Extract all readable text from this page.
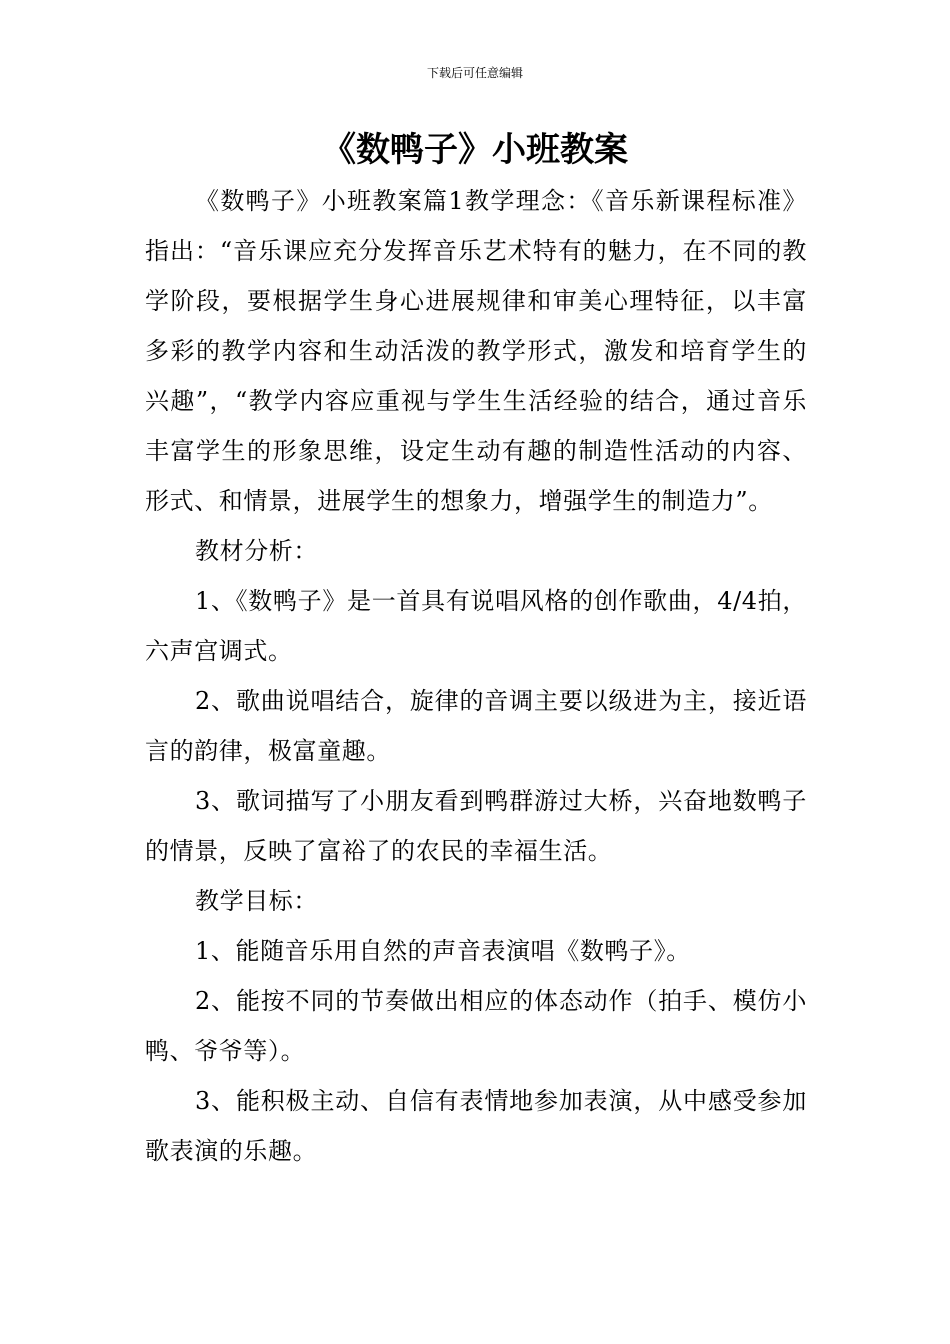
下载后可任意编辑
《数鸭子》小班教案

《数鸭子》小班教案篇1教学理念：《音乐新课程标准》指出：“音乐课应充分发挥音乐艺术特有的魅力，在不同的教学阶段，要根据学生身心进展规律和审美心理特征，以丰富多彩的教学内容和生动活泼的教学形式，激发和培育学生的兴趣”，“教学内容应重视与学生生活经验的结合，通过音乐丰富学生的形象思维，设定生动有趣的制造性活动的内容、形式、和情景，进展学生的想象力，增强学生的制造力”。

教材分析：

1、《数鸭子》是一首具有说唱风格的创作歌曲，4/4拍，六声宫调式。

2、歌曲说唱结合，旋律的音调主要以级进为主，接近语言的韵律，极富童趣。

3、歌词描写了小朋友看到鸭群游过大桥，兴奋地数鸭子的情景，反映了富裕了的农民的幸福生活。

教学目标：

1、能随音乐用自然的声音表演唱《数鸭子》。

2、能按不同的节奏做出相应的体态动作（拍手、模仿小鸭、爷爷等）。

3、能积极主动、自信有表情地参加表演，从中感受参加歌表演的乐趣。
